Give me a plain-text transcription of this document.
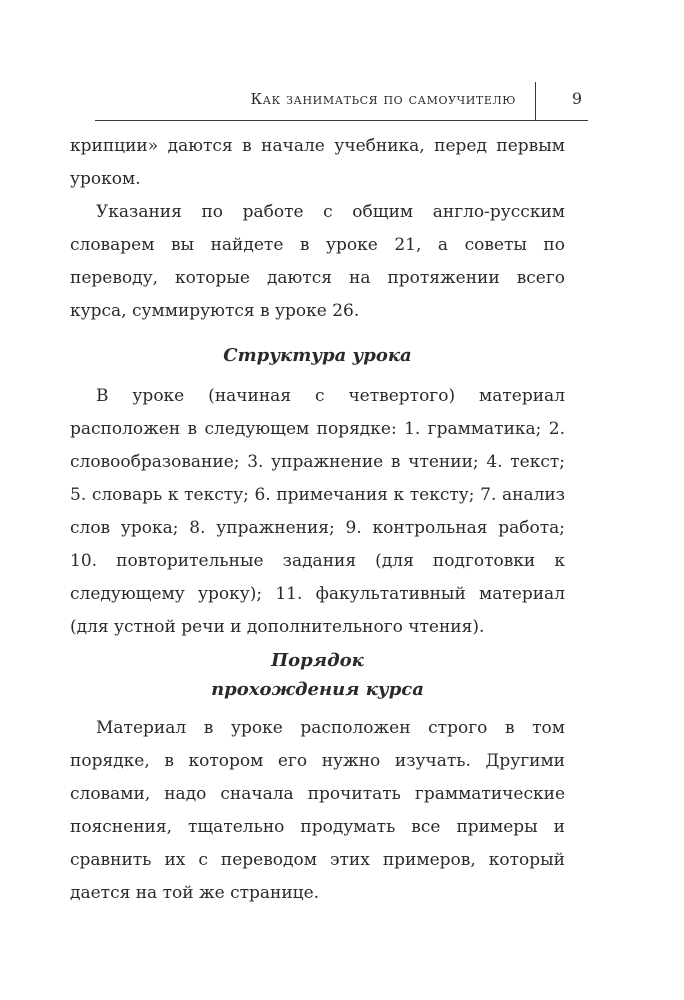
Как заниматься по самоучителю	9

крипции» даются в начале учебника, перед первым уроком.

Указания по работе с общим англо-русским словарем вы найдете в уроке 21, а советы по переводу, которые даются на протяжении всего курса, суммируются в уроке 26.

Структура урока

В уроке (начиная с четвертого) материал расположен в следующем порядке: 1. грамматика; 2. словообразование; 3. упражнение в чтении; 4. текст; 5. словарь к тексту; 6. примечания к тексту; 7. анализ слов урока; 8. упражнения; 9. контрольная работа; 10. повторительные задания (для подготовки к следующему уроку); 11. факультативный материал (для устной речи и дополнительного чтения).

Порядок
прохождения курса

Материал в уроке расположен строго в том порядке, в котором его нужно изучать. Другими словами, надо сначала прочитать грамматические пояснения, тщательно продумать все примеры и сравнить их с переводом этих примеров, который дается на той же странице.
